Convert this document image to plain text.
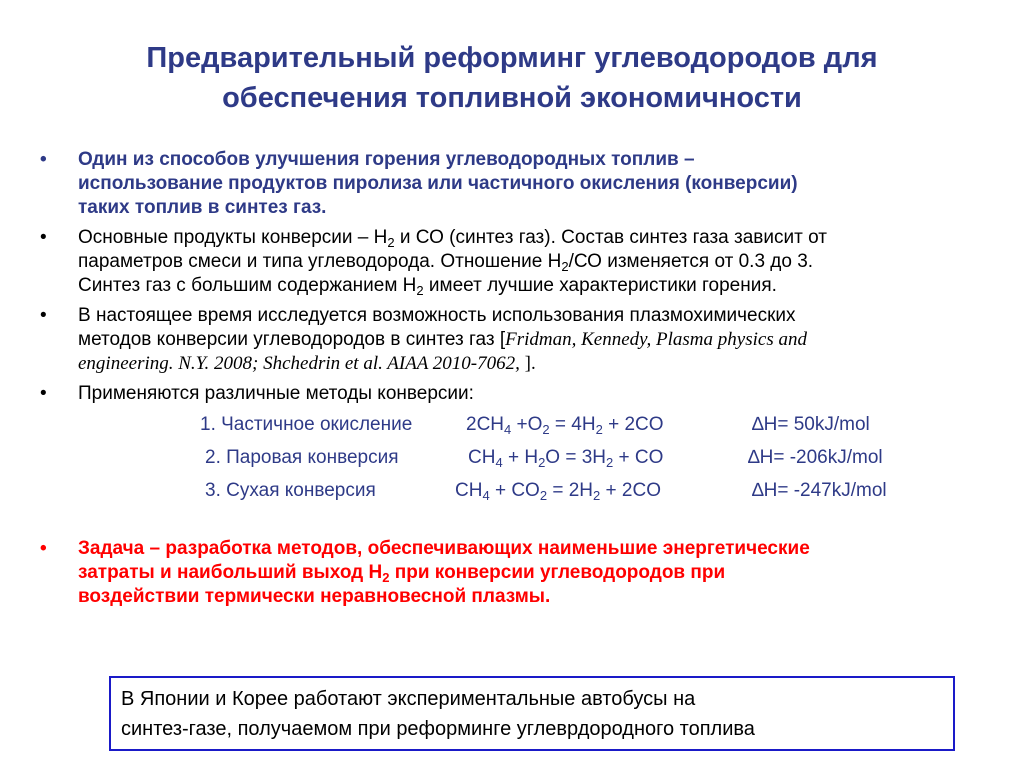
Предварительный реформинг углеводородов для
обеспечения топливной экономичности
• Один из способов улучшения горения углеводородных топлив –
использование продуктов пиролиза или частичного окисления (конверсии)
таких топлив в синтез газ.
• Основные продукты конверсии – $Н_2$ и СО (синтез газ). Состав синтез газа зависит от
параметров смеси и типа углеводорода. Отношение $Н_2/СО$ изменяется от 0.3 до 3.
Синтез газ с большим содержанием $Н_2$ имеет лучшие характеристики горения.
• В настоящее время исследуется возможность использования плазмохимических
методов конверсии углеводородов в синтез газ [Fridman, Kennedy, Plasma physics and
engineering. N.Y. 2008; Shchedrin et al. AIAA 2010-7062, ].
• Применяются различные методы конверсии:
1. Частичное окисление	$2CH_4 +O_2 = 4H_2 + 2CO$	∆H= 50kJ/mol
2. Паровая конверсия	$CH_4 + H_2O = 3H_2$ + CO	∆H= -206kJ/mol
3. Сухая конверсия	$CH_4 + CO_2 = 2H_2 + 2CO$	∆H= -247kJ/mol
• Задача – разработка методов, обеспечивающих наименьшие энергетические
затраты и наибольший выход $Н_2$ при конверсии углеводородов при
воздействии термически неравновесной плазмы.
В Японии и Корее работают экспериментальные автобусы на
синтез-газе, получаемом при реформинге углеврдородного топлива
